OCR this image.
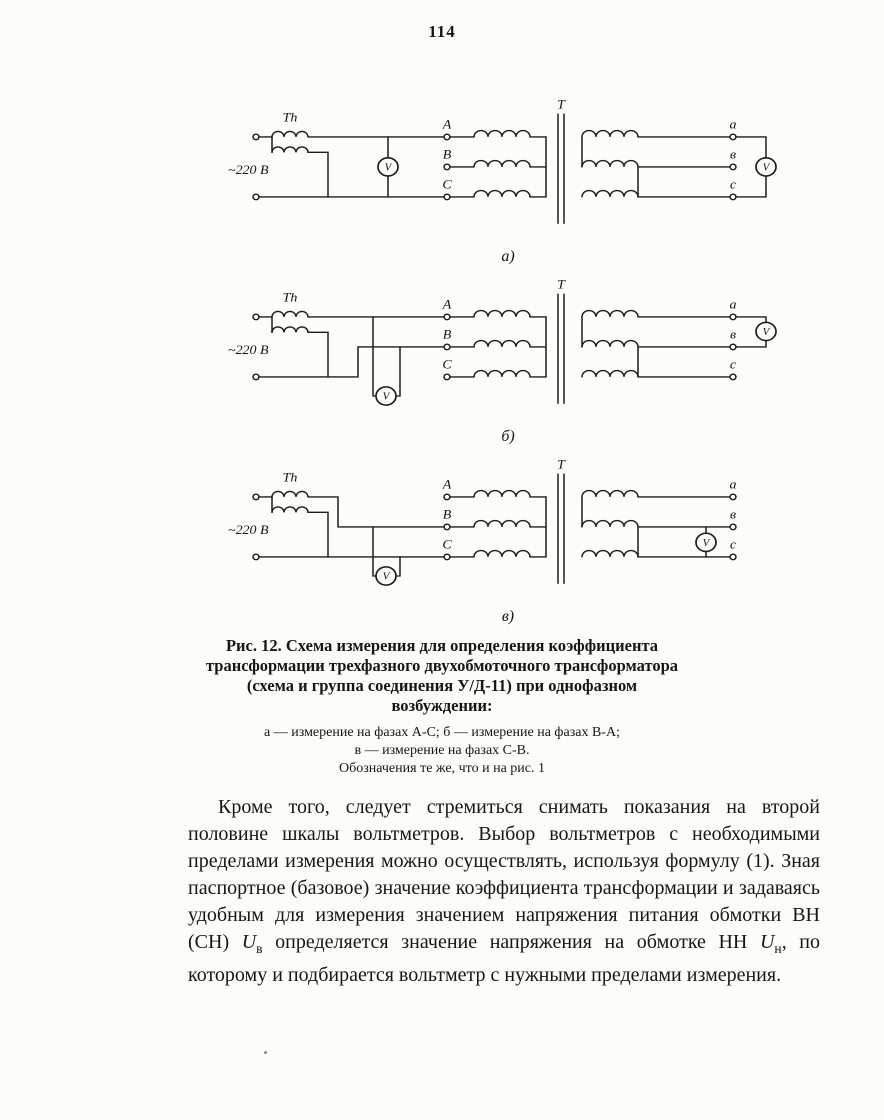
114
V	V
~220 В
Тh
Т
А
В
С
а
в
с
а)
V
V
~220 В
Тh
Т
А
В
С
а
в
с
б)
V
V
~220 В
Тh
Т
А
В
С
а
в
с
в)
Рис. 12. Схема измерения для определения коэффициента
трансформации трехфазного двухобмоточного трансформатора
(схема и группа соединения У/Д-11) при однофазном
возбуждении:
а — измерение на фазах А-С; б — измерение на фазах В-А;
в — измерение на фазах С-В.
Обозначения те же, что и на рис. 1

Кроме того, следует стремиться снимать показания на второй половине шкалы вольтметров. Выбор вольтметров с необходимыми пределами измерения можно осуществлять, используя формулу (1). Зная паспортное (базовое) значение коэффициента трансформации и задаваясь удобным для измерения значением напряжения питания обмотки ВН (СН) $U_в$ определяется значение напряжения на обмотке НН $U_н$, по которому и подбирается вольтметр с нужными пределами измерения.
